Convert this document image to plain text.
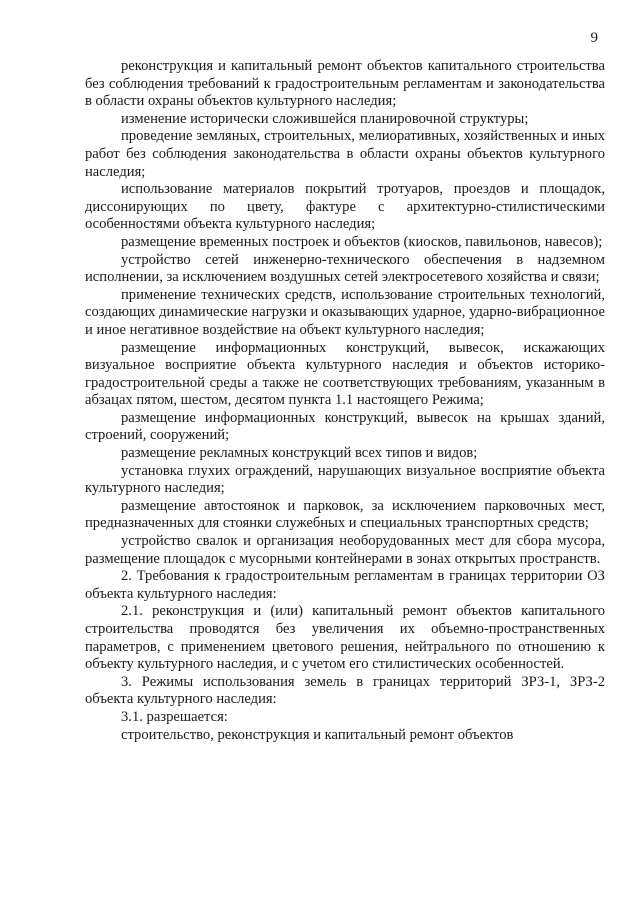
9

реконструкция и капитальный ремонт объектов капитального строительства без соблюдения требований к градостроительным регламентам и законодательства в области охраны объектов культурного наследия;

изменение исторически сложившейся планировочной структуры;

проведение земляных, строительных, мелиоративных, хозяйственных и иных работ без соблюдения законодательства в области охраны объектов культурного наследия;

использование материалов покрытий тротуаров, проездов и площадок, диссонирующих по цвету, фактуре с архитектурно-стилистическими особенностями объекта культурного наследия;

размещение временных построек и объектов (киосков, павильонов, навесов);

устройство сетей инженерно-технического обеспечения в надземном исполнении, за исключением воздушных сетей электросетевого хозяйства и связи;

применение технических средств, использование строительных технологий, создающих динамические нагрузки и оказывающих ударное, ударно-вибрационное и иное негативное воздействие на объект культурного наследия;

размещение информационных конструкций, вывесок, искажающих визуальное восприятие объекта культурного наследия и объектов историко-градостроительной среды а также не соответствующих требованиям, указанным в абзацах пятом, шестом, десятом пункта 1.1 настоящего Режима;

размещение информационных конструкций, вывесок на крышах зданий, строений, сооружений;

размещение рекламных конструкций всех типов и видов;

установка глухих ограждений, нарушающих визуальное восприятие объекта культурного наследия;

размещение автостоянок и парковок, за исключением парковочных мест, предназначенных для стоянки служебных и специальных транспортных средств;

устройство свалок и организация необорудованных мест для сбора мусора, размещение площадок с мусорными контейнерами в зонах открытых пространств.

2. Требования к градостроительным регламентам в границах территории ОЗ объекта культурного наследия:

2.1. реконструкция и (или) капитальный ремонт объектов капитального строительства проводятся без увеличения их объемно-пространственных параметров, с применением цветового решения, нейтрального по отношению к объекту культурного наследия, и с учетом его стилистических особенностей.

3. Режимы использования земель в границах территорий ЗРЗ-1, ЗРЗ-2 объекта культурного наследия:

3.1. разрешается:

строительство, реконструкция и капитальный ремонт объектов
